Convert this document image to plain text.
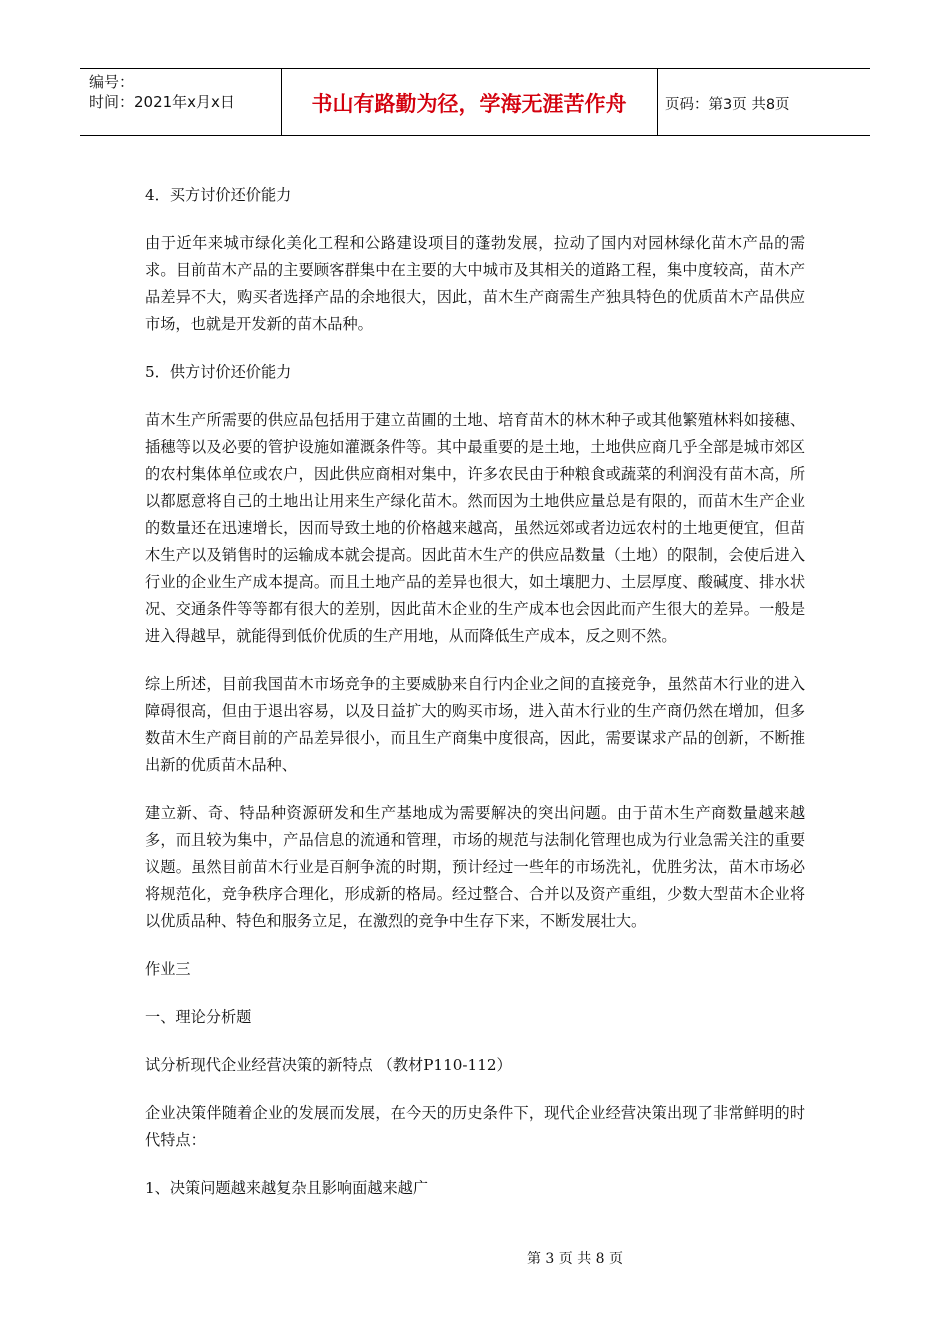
编号：
时间：2021年x月x日	书山有路勤为径，学海无涯苦作舟	页码：第3页 共8页

4．买方讨价还价能力

由于近年来城市绿化美化工程和公路建设项目的蓬勃发展，拉动了国内对园林绿化苗木产品的需求。目前苗木产品的主要顾客群集中在主要的大中城市及其相关的道路工程，集中度较高，苗木产品差异不大，购买者选择产品的余地很大，因此，苗木生产商需生产独具特色的优质苗木产品供应市场，也就是开发新的苗木品种。

5．供方讨价还价能力

苗木生产所需要的供应品包括用于建立苗圃的土地、培育苗木的林木种子或其他繁殖林料如接穗、插穗等以及必要的管护设施如灌溉条件等。其中最重要的是土地，土地供应商几乎全部是城市郊区的农村集体单位或农户，因此供应商相对集中，许多农民由于种粮食或蔬菜的利润没有苗木高，所以都愿意将自己的土地出让用来生产绿化苗木。然而因为土地供应量总是有限的，而苗木生产企业的数量还在迅速增长，因而导致土地的价格越来越高，虽然远郊或者边远农村的土地更便宜，但苗木生产以及销售时的运输成本就会提高。因此苗木生产的供应品数量（土地）的限制，会使后进入行业的企业生产成本提高。而且土地产品的差异也很大，如土壤肥力、土层厚度、酸碱度、排水状况、交通条件等等都有很大的差别，因此苗木企业的生产成本也会因此而产生很大的差异。一般是进入得越早，就能得到低价优质的生产用地，从而降低生产成本，反之则不然。

综上所述，目前我国苗木市场竞争的主要威胁来自行内企业之间的直接竞争，虽然苗木行业的进入障碍很高，但由于退出容易，以及日益扩大的购买市场，进入苗木行业的生产商仍然在增加，但多数苗木生产商目前的产品差异很小，而且生产商集中度很高，因此，需要谋求产品的创新，不断推出新的优质苗木品种、

建立新、奇、特品种资源研发和生产基地成为需要解决的突出问题。由于苗木生产商数量越来越多，而且较为集中，产品信息的流通和管理，市场的规范与法制化管理也成为行业急需关注的重要议题。虽然目前苗木行业是百舸争流的时期，预计经过一些年的市场洗礼，优胜劣汰，苗木市场必将规范化，竞争秩序合理化，形成新的格局。经过整合、合并以及资产重组，少数大型苗木企业将以优质品种、特色和服务立足，在激烈的竞争中生存下来，不断发展壮大。

作业三

一、理论分析题

试分析现代企业经营决策的新特点 （教材P110-112）

企业决策伴随着企业的发展而发展，在今天的历史条件下，现代企业经营决策出现了非常鲜明的时代特点：

1、决策问题越来越复杂且影响面越来越广

第 3 页 共 8 页
